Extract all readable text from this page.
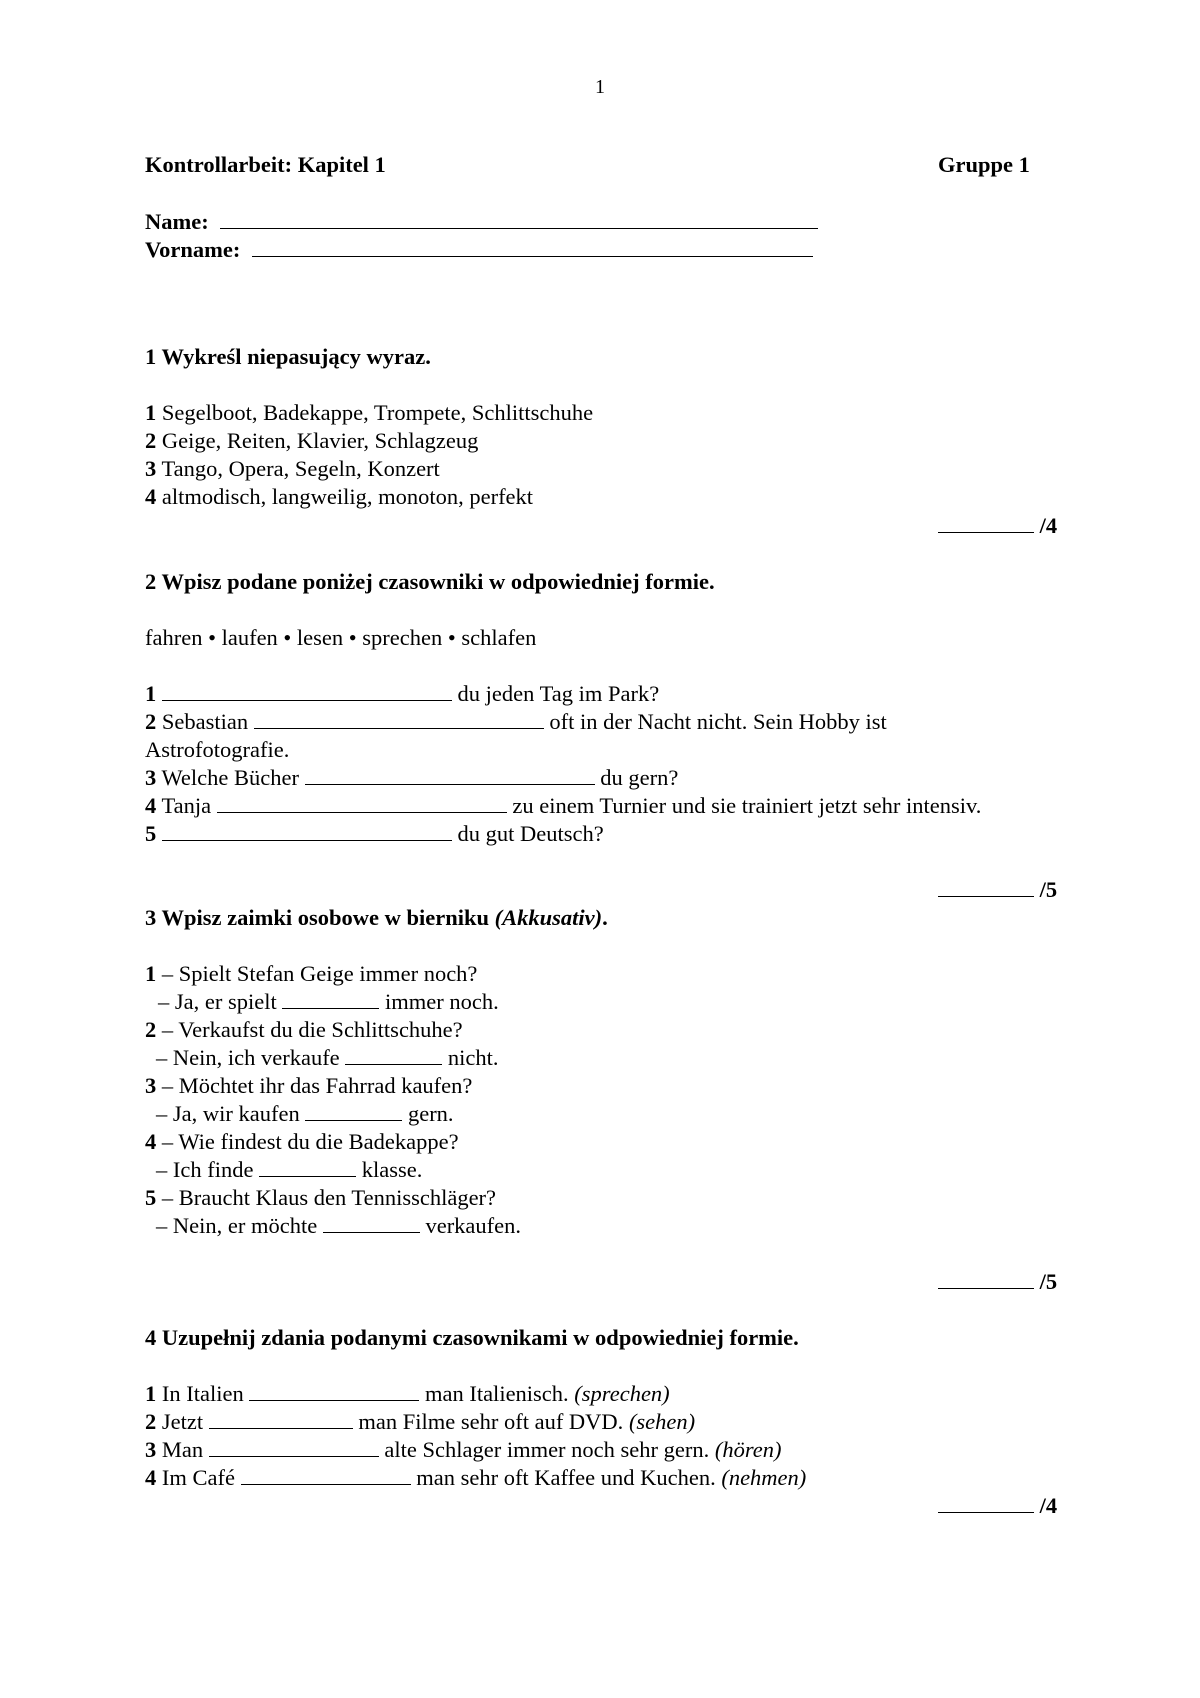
1
Kontrollarbeit: Kapitel 1	Gruppe 1
Name:
Vorname:
1 Wykreśl niepasujący wyraz.
1 Segelboot, Badekappe, Trompete, Schlittschuhe
2 Geige, Reiten, Klavier, Schlagzeug
3 Tango, Opera, Segeln, Konzert
4 altmodisch, langweilig, monoton, perfekt
/4
2 Wpisz podane poniżej czasowniki w odpowiedniej formie.
fahren • laufen • lesen • sprechen • schlafen
1	du jeden Tag im Park?
2 Sebastian	oft in der Nacht nicht. Sein Hobby ist
Astrofotografie.
3 Welche Bücher	du gern?
4 Tanja	zu einem Turnier und sie trainiert jetzt sehr intensiv.
5	du gut Deutsch?
/5
3 Wpisz zaimki osobowe w bierniku (Akkusativ).
1 – Spielt Stefan Geige immer noch?
– Ja, er spielt	immer noch.
2 – Verkaufst du die Schlittschuhe?
– Nein, ich verkaufe	nicht.
3 – Möchtet ihr das Fahrrad kaufen?
– Ja, wir kaufen	gern.
4 – Wie findest du die Badekappe?
– Ich finde	klasse.
5 – Braucht Klaus den Tennisschläger?
– Nein, er möchte	verkaufen.
/5
4 Uzupełnij zdania podanymi czasownikami w odpowiedniej formie.
1 In Italien	man Italienisch. (sprechen)
2 Jetzt	man Filme sehr oft auf DVD. (sehen)
3 Man	alte Schlager immer noch sehr gern. (hören)
4 Im Café	man sehr oft Kaffee und Kuchen. (nehmen)
/4
